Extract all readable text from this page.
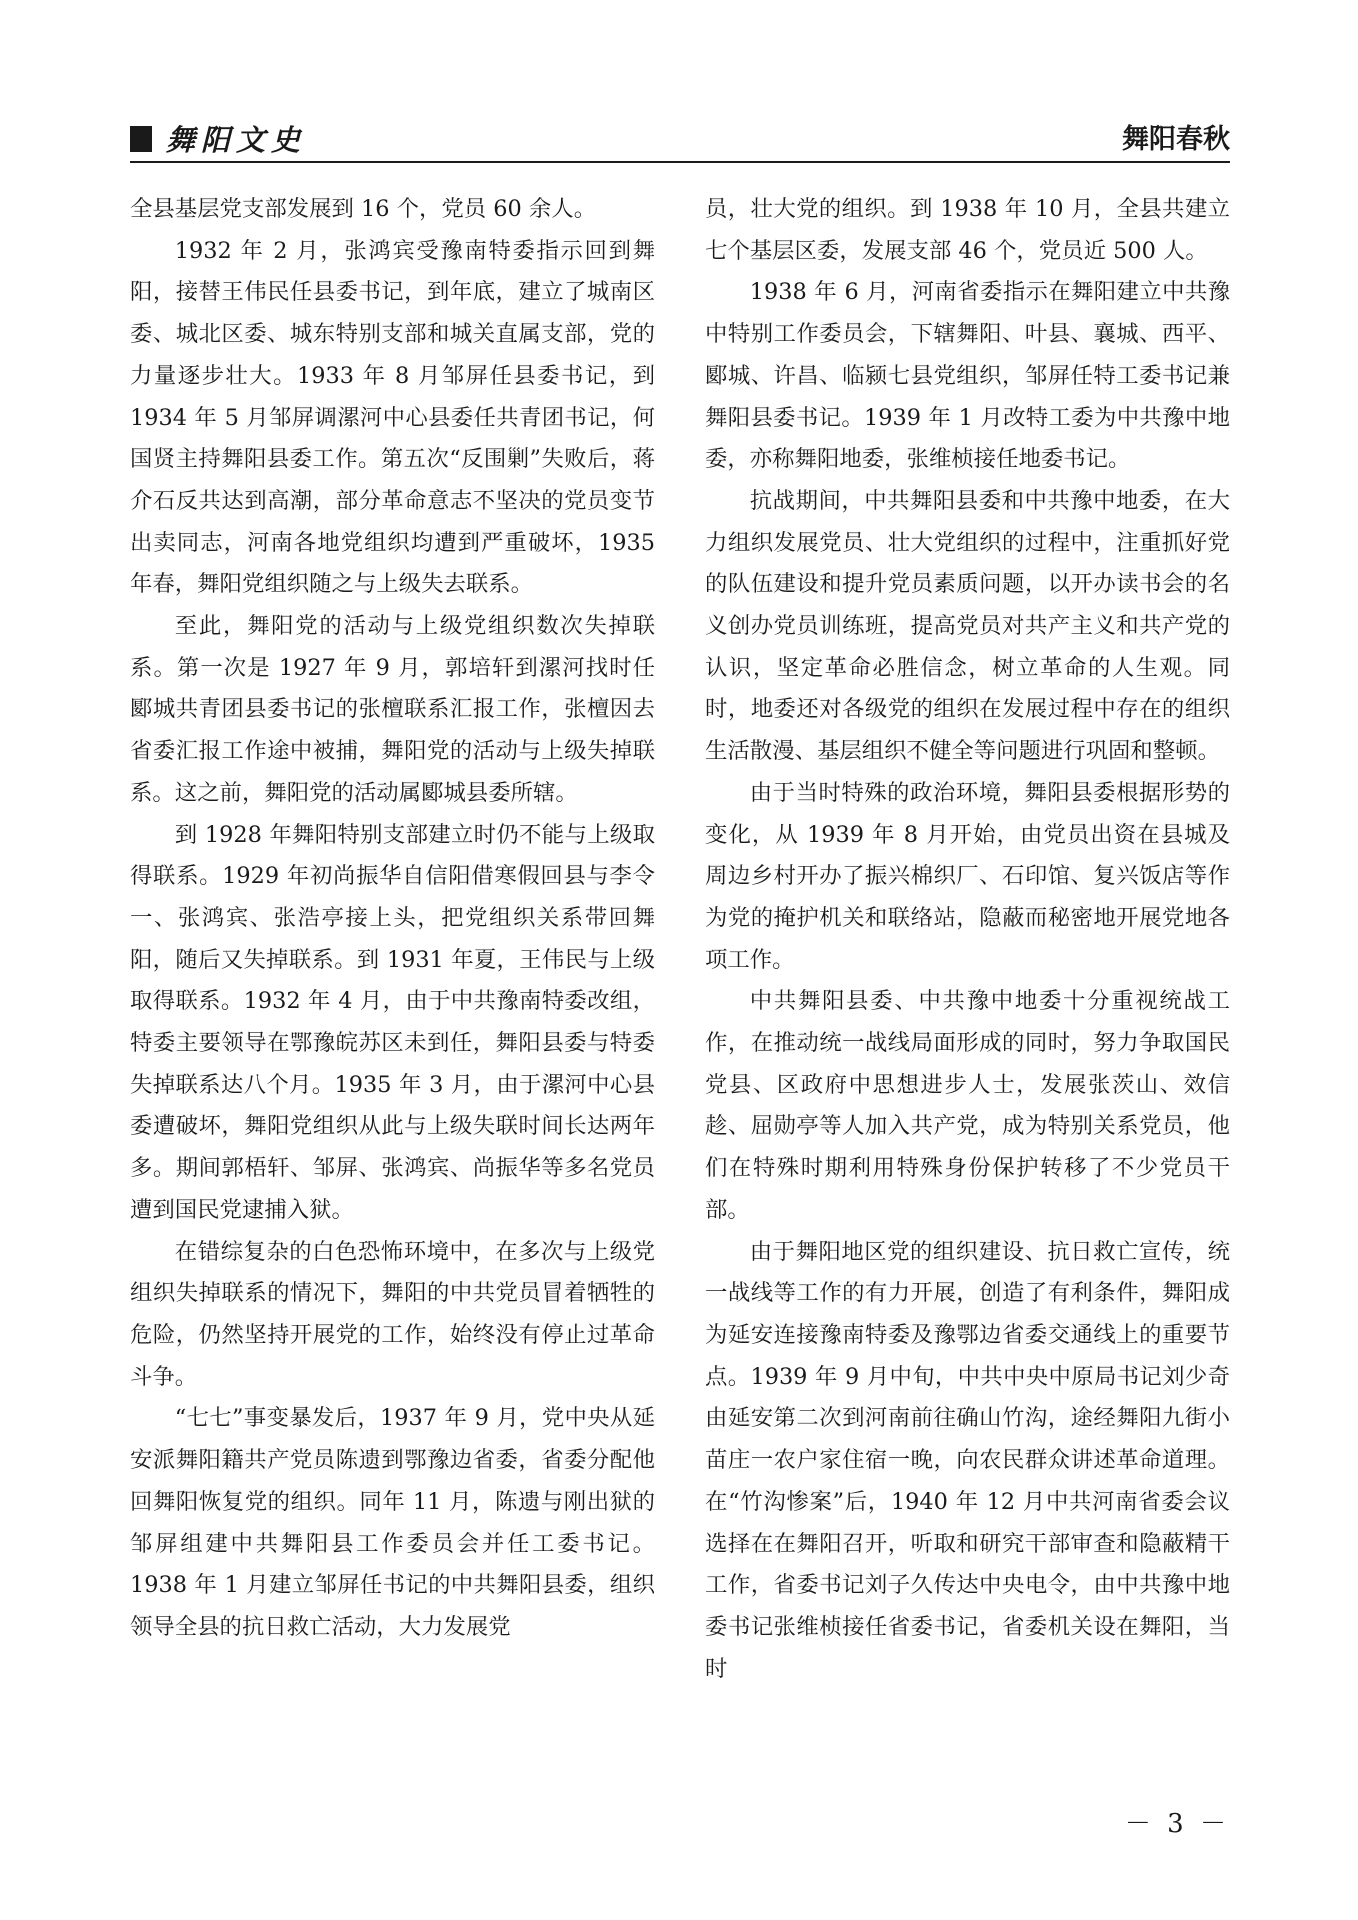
舞阳文史	舞阳春秋

全县基层党支部发展到 16 个，党员 60 余人。

1932 年 2 月，张鸿宾受豫南特委指示回到舞阳，接替王伟民任县委书记，到年底，建立了城南区委、城北区委、城东特别支部和城关直属支部，党的力量逐步壮大。1933 年 8 月邹屏任县委书记，到 1934 年 5 月邹屏调漯河中心县委任共青团书记，何国贤主持舞阳县委工作。第五次“反围剿”失败后，蒋介石反共达到高潮，部分革命意志不坚决的党员变节出卖同志，河南各地党组织均遭到严重破坏，1935 年春，舞阳党组织随之与上级失去联系。

至此，舞阳党的活动与上级党组织数次失掉联系。第一次是 1927 年 9 月，郭培轩到漯河找时任郾城共青团县委书记的张檀联系汇报工作，张檀因去省委汇报工作途中被捕，舞阳党的活动与上级失掉联系。这之前，舞阳党的活动属郾城县委所辖。

到 1928 年舞阳特别支部建立时仍不能与上级取得联系。1929 年初尚振华自信阳借寒假回县与李令一、张鸿宾、张浩亭接上头，把党组织关系带回舞阳，随后又失掉联系。到 1931 年夏，王伟民与上级取得联系。1932 年 4 月，由于中共豫南特委改组，特委主要领导在鄂豫皖苏区未到任，舞阳县委与特委失掉联系达八个月。1935 年 3 月，由于漯河中心县委遭破坏，舞阳党组织从此与上级失联时间长达两年多。期间郭梧轩、邹屏、张鸿宾、尚振华等多名党员遭到国民党逮捕入狱。

在错综复杂的白色恐怖环境中，在多次与上级党组织失掉联系的情况下，舞阳的中共党员冒着牺牲的危险，仍然坚持开展党的工作，始终没有停止过革命斗争。

“七七”事变暴发后，1937 年 9 月，党中央从延安派舞阳籍共产党员陈遗到鄂豫边省委，省委分配他回舞阳恢复党的组织。同年 11 月，陈遗与刚出狱的邹屏组建中共舞阳县工作委员会并任工委书记。1938 年 1 月建立邹屏任书记的中共舞阳县委，组织领导全县的抗日救亡活动，大力发展党

员，壮大党的组织。到 1938 年 10 月，全县共建立七个基层区委，发展支部 46 个，党员近 500 人。

1938 年 6 月，河南省委指示在舞阳建立中共豫中特别工作委员会，下辖舞阳、叶县、襄城、西平、郾城、许昌、临颍七县党组织，邹屏任特工委书记兼舞阳县委书记。1939 年 1 月改特工委为中共豫中地委，亦称舞阳地委，张维桢接任地委书记。

抗战期间，中共舞阳县委和中共豫中地委，在大力组织发展党员、壮大党组织的过程中，注重抓好党的队伍建设和提升党员素质问题，以开办读书会的名义创办党员训练班，提高党员对共产主义和共产党的认识，坚定革命必胜信念，树立革命的人生观。同时，地委还对各级党的组织在发展过程中存在的组织生活散漫、基层组织不健全等问题进行巩固和整顿。

由于当时特殊的政治环境，舞阳县委根据形势的变化，从 1939 年 8 月开始，由党员出资在县城及周边乡村开办了振兴棉织厂、石印馆、复兴饭店等作为党的掩护机关和联络站，隐蔽而秘密地开展党地各项工作。

中共舞阳县委、中共豫中地委十分重视统战工作，在推动统一战线局面形成的同时，努力争取国民党县、区政府中思想进步人士，发展张茨山、效信趁、屈勋亭等人加入共产党，成为特别关系党员，他们在特殊时期利用特殊身份保护转移了不少党员干部。

由于舞阳地区党的组织建设、抗日救亡宣传，统一战线等工作的有力开展，创造了有利条件，舞阳成为延安连接豫南特委及豫鄂边省委交通线上的重要节点。1939 年 9 月中旬，中共中央中原局书记刘少奇由延安第二次到河南前往确山竹沟，途经舞阳九街小苗庄一农户家住宿一晚，向农民群众讲述革命道理。在“竹沟惨案”后，1940 年 12 月中共河南省委会议选择在在舞阳召开，听取和研究干部审查和隐蔽精干工作，省委书记刘子久传达中央电令，由中共豫中地委书记张维桢接任省委书记，省委机关设在舞阳，当时

－ 3 －
